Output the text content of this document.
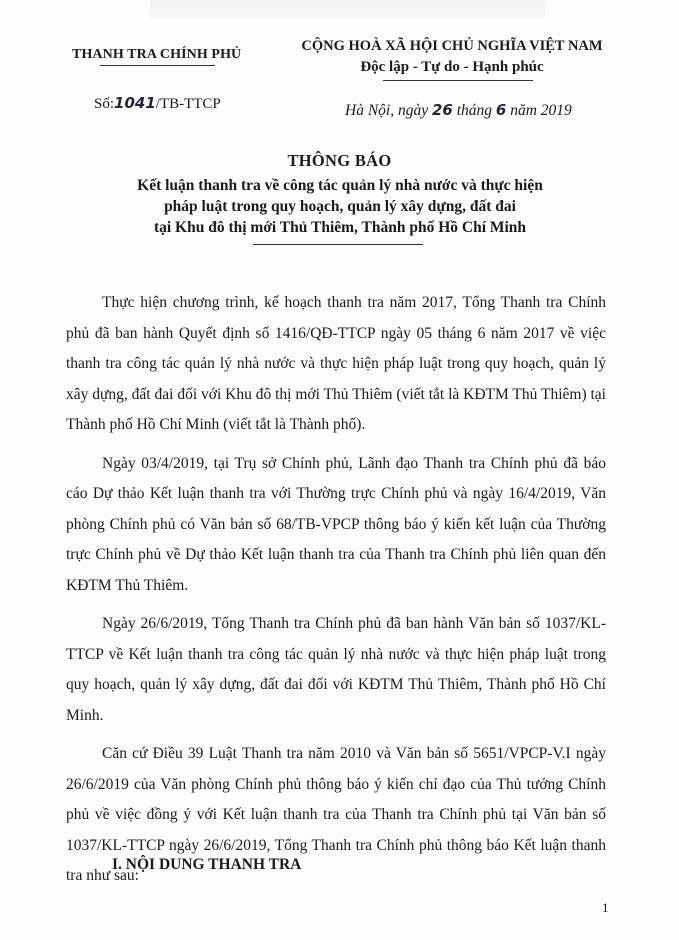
THANH TRA CHÍNH PHỦ
CỘNG HOÀ XÃ HỘI CHỦ NGHĨA VIỆT NAM
Độc lập - Tự do - Hạnh phúc
Số:1041/TB-TTCP	Hà Nội, ngày 26 tháng 6 năm 2019
THÔNG BÁO
Kết luận thanh tra về công tác quản lý nhà nước và thực hiện
pháp luật trong quy hoạch, quản lý xây dựng, đất đai
tại Khu đô thị mới Thủ Thiêm, Thành phố Hồ Chí Minh

Thực hiện chương trình, kế hoạch thanh tra năm 2017, Tổng Thanh tra Chính phủ đã ban hành Quyết định số 1416/QĐ-TTCP ngày 05 tháng 6 năm 2017 về việc thanh tra công tác quản lý nhà nước và thực hiện pháp luật trong quy hoạch, quản lý xây dựng, đất đai đối với Khu đô thị mới Thủ Thiêm (viết tắt là KĐTM Thủ Thiêm) tại Thành phố Hồ Chí Minh (viết tắt là Thành phố).

Ngày 03/4/2019, tại Trụ sở Chính phủ, Lãnh đạo Thanh tra Chính phủ đã báo cáo Dự thảo Kết luận thanh tra với Thường trực Chính phủ và ngày 16/4/2019, Văn phòng Chính phủ có Văn bản số 68/TB-VPCP thông báo ý kiến kết luận của Thường trực Chính phủ về Dự thảo Kết luận thanh tra của Thanh tra Chính phủ liên quan đến KĐTM Thủ Thiêm.

Ngày 26/6/2019, Tổng Thanh tra Chính phủ đã ban hành Văn bản số 1037/KL-TTCP về Kết luận thanh tra công tác quản lý nhà nước và thực hiện pháp luật trong quy hoạch, quản lý xây dựng, đất đai đối với KĐTM Thủ Thiêm, Thành phố Hồ Chí Minh.

Căn cứ Điều 39 Luật Thanh tra năm 2010 và Văn bản số 5651/VPCP-V.I ngày 26/6/2019 của Văn phòng Chính phủ thông báo ý kiến chỉ đạo của Thủ tướng Chính phủ về việc đồng ý với Kết luận thanh tra của Thanh tra Chính phủ tại Văn bản số 1037/KL-TTCP ngày 26/6/2019, Tổng Thanh tra Chính phủ thông báo Kết luận thanh tra như sau:

I. NỘI DUNG THANH TRA
1
